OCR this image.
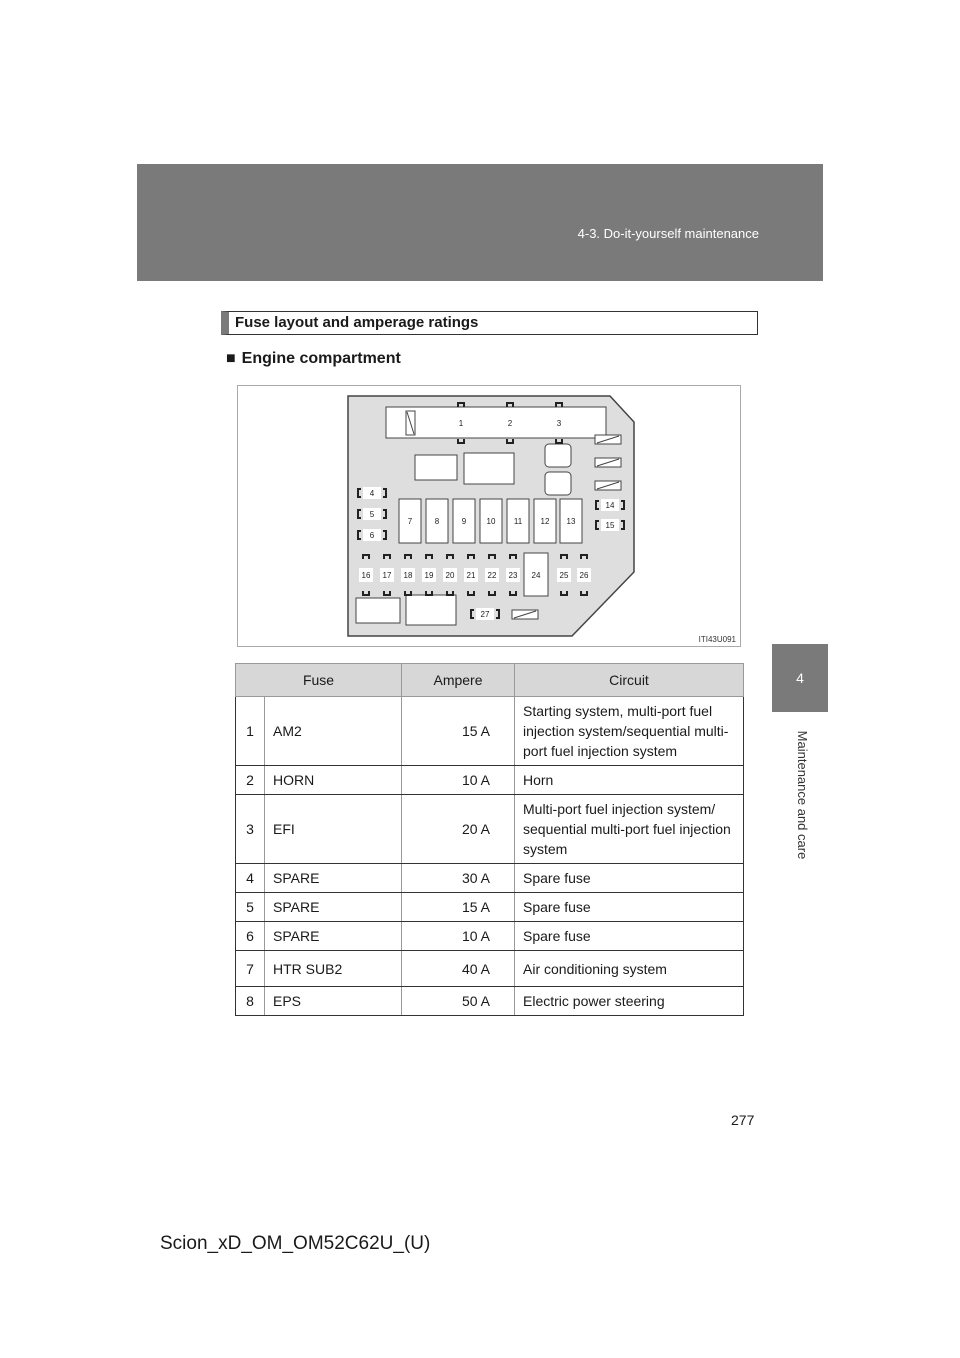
4-3. Do-it-yourself maintenance
4
Maintenance and care
Fuse layout and amperage ratings
■ Engine compartment
1	2	3
4
5
6
7	8	9	10 11 12 13
14
15
16 17 18 19 20 21 22 23 24 25 26
27
ITI43U091
Fuse		Ampere	Circuit
1	AM2	15 A	Starting system, multi-port fuel injection system/sequential multi-port fuel injection system
2	HORN	10 A	Horn
3	EFI	20 A	Multi-port fuel injection system/ sequential multi-port fuel injection system
4	SPARE	30 A	Spare fuse
5	SPARE	15 A	Spare fuse
6	SPARE	10 A	Spare fuse
7	HTR SUB2	40 A	Air conditioning system
8	EPS	50 A	Electric power steering
277
Scion_xD_OM_OM52C62U_(U)
